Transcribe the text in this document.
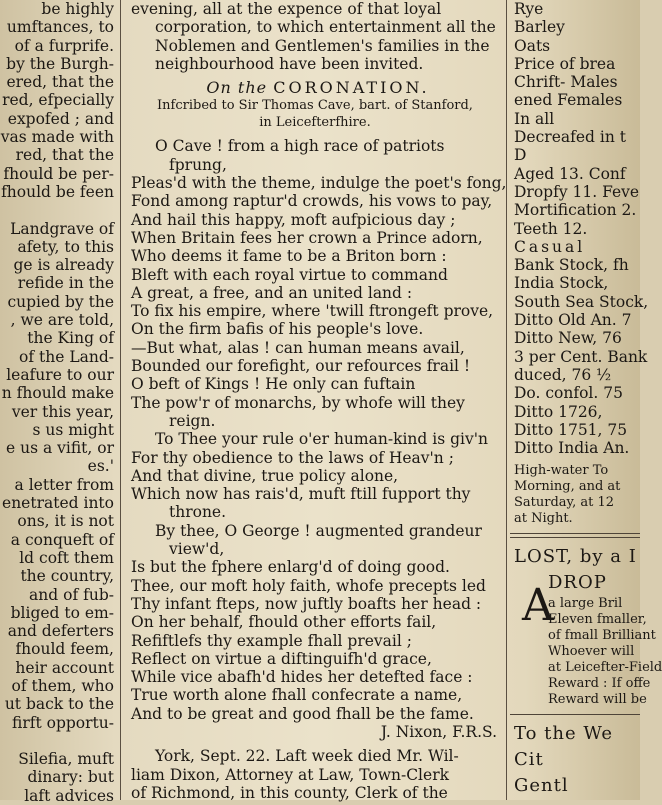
be highly
umftances, to
of a furprife.
by the Burgh-
ered, that the
red, efpecially
expofed ; and
vas made with
red, that the
fhould be per-
fhould be feen

Landgrave of
afety, to this
ge is already
refide in the
cupied by the
, we are told,
the King of
of the Land-
leafure to our
n fhould make
ver this year,
s us might
e us a vifit, or
es.'
a letter from
enetrated into
ons, it is not
a conqueft of
ld coft them
the country,
and of fub-
bliged to em-
and deferters
fhould feem,
heir account
of them, who
ut back to the
firft opportu-

Silefia, muft
dinary: but
laft advices
evening, all at the expence of that loyal
corporation, to which entertainment all the
Noblemen and Gentlemen's families in the
neighbourhood have been invited.
On the CORONATION.
Infcribed to Sir Thomas Cave, bart. of Stanford,
in Leicefterfhire.
O Cave ! from a high race of patriots
fprung,
Pleas'd with the theme, indulge the poet's fong,
Fond among raptur'd crowds, his vows to pay,
And hail this happy, moft aufpicious day ;
When Britain fees her crown a Prince adorn,
Who deems it fame to be a Briton born :
Bleft with each royal virtue to command
A great, a free, and an united land :
To fix his empire, where 'twill ftrongeft prove,
On the firm bafis of his people's love.
—But what, alas ! can human means avail,
Bounded our forefight, our refources frail !
O beft of Kings ! He only can fuftain
The pow'r of monarchs, by whofe will they
reign.
To Thee your rule o'er human-kind is giv'n
For thy obedience to the laws of Heav'n ;
And that divine, true policy alone,
Which now has rais'd, muft ftill fupport thy
throne.
By thee, O George ! augmented grandeur
view'd,
Is but the fphere enlarg'd of doing good.
Thee, our moft holy faith, whofe precepts led
Thy infant fteps, now juftly boafts her head :
On her behalf, fhould other efforts fail,
Refiftlefs thy example fhall prevail ;
Reflect on virtue a diftinguifh'd grace,
While vice abafh'd hides her detefted face :
True worth alone fhall confecrate a name,
And to be great and good fhall be the fame.
J. Nixon, F.R.S.
York, Sept. 22. Laft week died Mr. Wil-
liam Dixon, Attorney at Law, Town-Clerk
of Richmond, in this county, Clerk of the
Rye
Barley
Oats
Price of brea
Chrift- Males
ened Females
In all
Decreafed in t
D
Aged 13. Conf
Dropfy 11. Feve
Mortification 2.
Teeth 12.
Casual
Bank Stock, fh
India Stock,
South Sea Stock,
Ditto Old An. 7
Ditto New, 76
3 per Cent. Bank
duced, 76 ½
Do. confol. 75
Ditto 1726,
Ditto 1751, 75
Ditto India An.
High-water To
Morning, and at
Saturday, at 12
at Night.
LOST, by a I
DROP
a large Bril
Eleven fmaller,
of fmall Brilliant
Whoever will
at Leicefter-Field
Reward : If offe
Reward will be
To the We
Cit
Gentl
A
